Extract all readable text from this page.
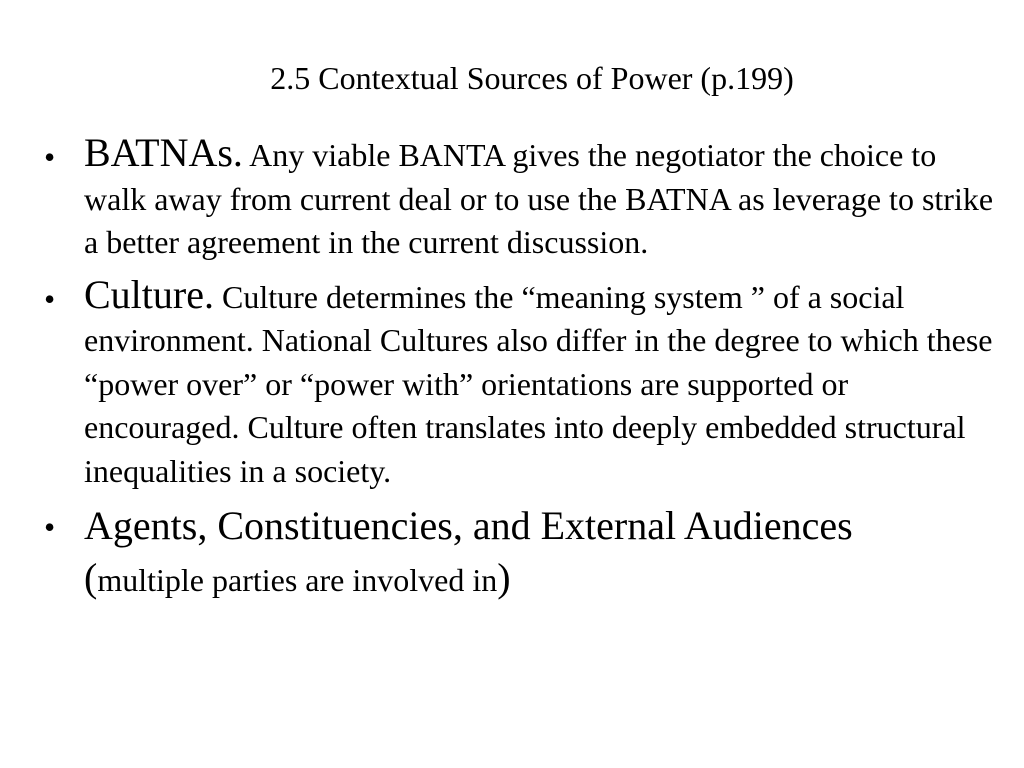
2.5 Contextual Sources of Power (p.199)
• BATNAs. Any viable BANTA gives the negotiator the choice to walk away from current deal or to use the BATNA as leverage to strike a better agreement in the current discussion.
• Culture. Culture determines the “meaning system ” of a social environment. National Cultures also differ in the degree to which these “power over” or “power with” orientations are supported or encouraged. Culture often translates into deeply embedded structural inequalities in a society.
• Agents, Constituencies, and External Audiences
(multiple parties are involved in)
